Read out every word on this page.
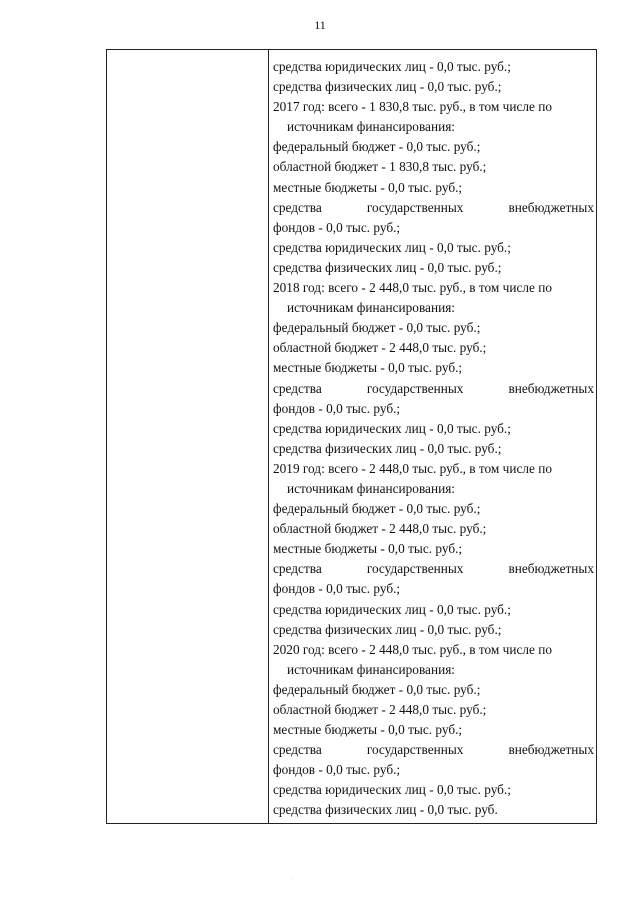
11
средства юридических лиц - 0,0 тыс. руб.;
средства физических лиц - 0,0 тыс. руб.;
2017 год: всего - 1 830,8 тыс. руб., в том числе по
источникам финансирования:
федеральный бюджет - 0,0 тыс. руб.;
областной бюджет - 1 830,8 тыс. руб.;
местные бюджеты - 0,0 тыс. руб.;
средства	государственных	внебюджетных
фондов - 0,0 тыс. руб.;
средства юридических лиц - 0,0 тыс. руб.;
средства физических лиц - 0,0 тыс. руб.;
2018 год: всего - 2 448,0 тыс. руб., в том числе по
источникам финансирования:
федеральный бюджет - 0,0 тыс. руб.;
областной бюджет - 2 448,0 тыс. руб.;
местные бюджеты - 0,0 тыс. руб.;
средства	государственных	внебюджетных
фондов - 0,0 тыс. руб.;
средства юридических лиц - 0,0 тыс. руб.;
средства физических лиц - 0,0 тыс. руб.;
2019 год: всего - 2 448,0 тыс. руб., в том числе по
источникам финансирования:
федеральный бюджет - 0,0 тыс. руб.;
областной бюджет - 2 448,0 тыс. руб.;
местные бюджеты - 0,0 тыс. руб.;
средства	государственных	внебюджетных
фондов - 0,0 тыс. руб.;
средства юридических лиц - 0,0 тыс. руб.;
средства физических лиц - 0,0 тыс. руб.;
2020 год: всего - 2 448,0 тыс. руб., в том числе по
источникам финансирования:
федеральный бюджет - 0,0 тыс. руб.;
областной бюджет - 2 448,0 тыс. руб.;
местные бюджеты - 0,0 тыс. руб.;
средства	государственных	внебюджетных
фондов - 0,0 тыс. руб.;
средства юридических лиц - 0,0 тыс. руб.;
средства физических лиц - 0,0 тыс. руб.
·
